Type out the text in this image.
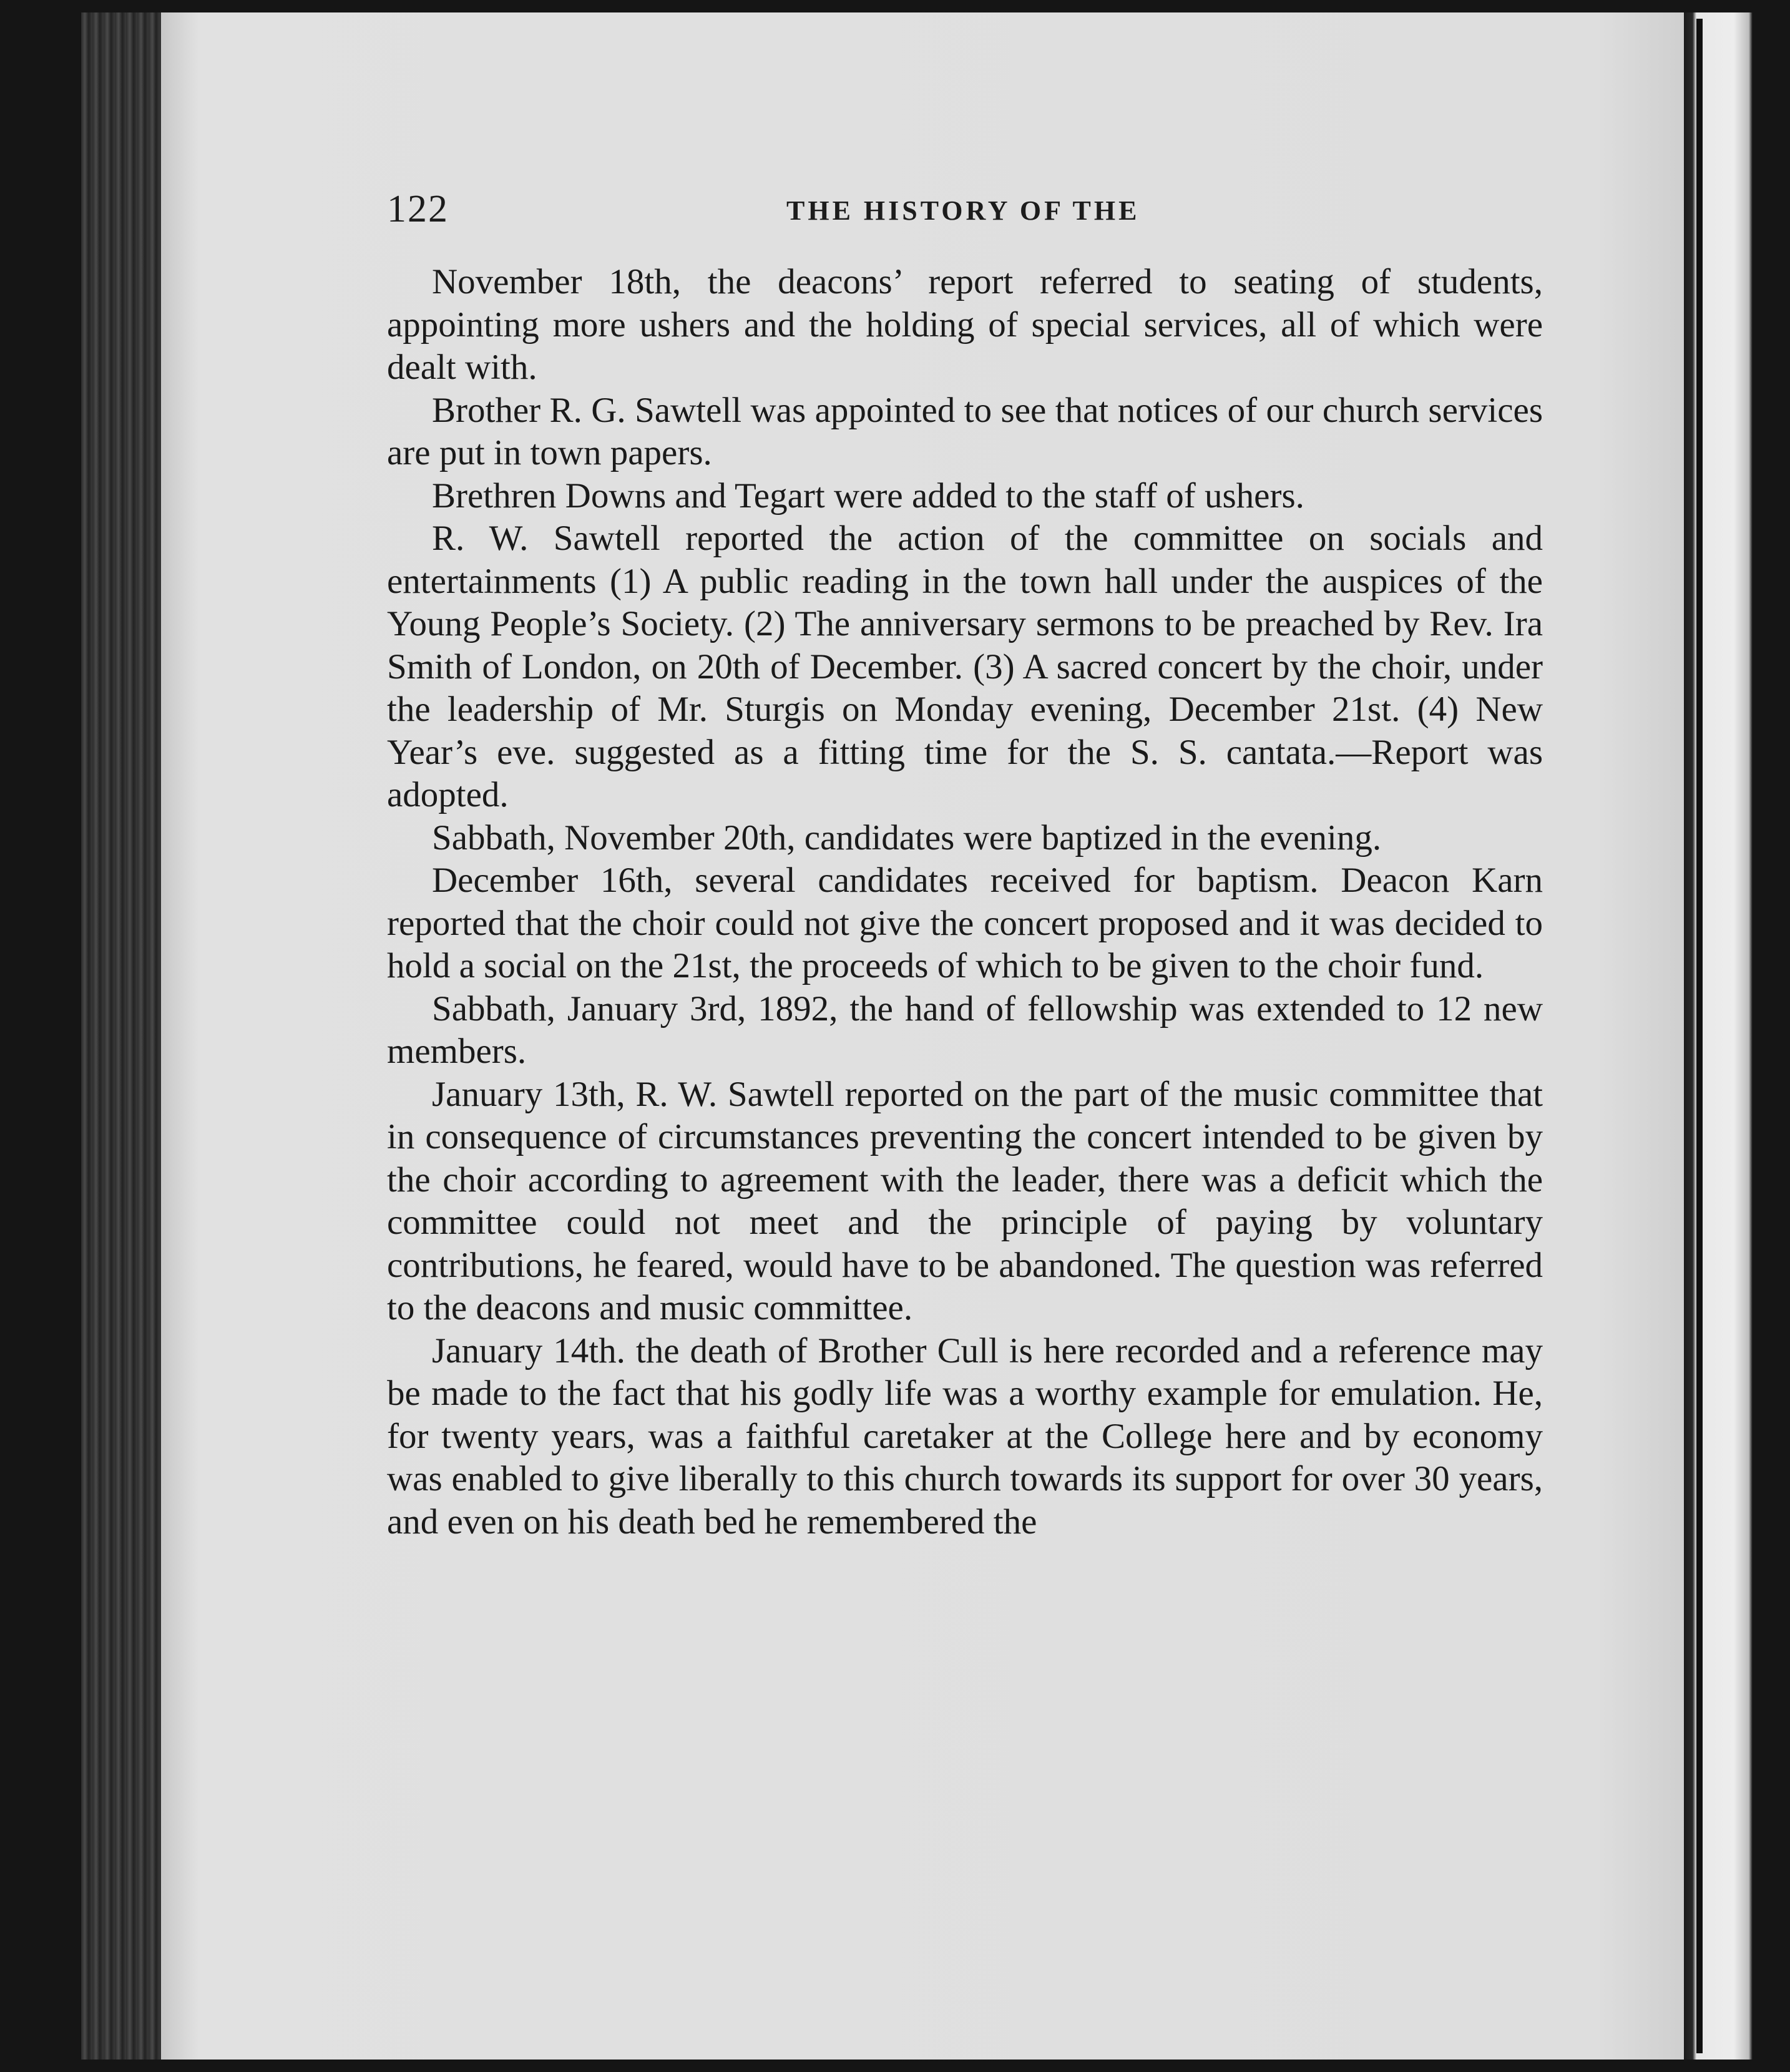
122	THE HISTORY OF THE

November 18th, the deacons’ report referred to seating of students, appointing more ushers and the holding of special services, all of which were dealt with.

Brother R. G. Sawtell was appointed to see that notices of our church services are put in town papers.

Brethren Downs and Tegart were added to the staff of ushers.

R. W. Sawtell reported the action of the committee on socials and entertainments (1) A public reading in the town hall under the auspices of the Young People’s Society. (2) The anniversary sermons to be preached by Rev. Ira Smith of London, on 20th of December. (3) A sacred concert by the choir, under the leadership of Mr. Sturgis on Monday evening, December 21st. (4) New Year’s eve. suggested as a fitting time for the S. S. cantata.—Report was adopted.

Sabbath, November 20th, candidates were baptized in the evening.

December 16th, several candidates received for baptism. Deacon Karn reported that the choir could not give the concert proposed and it was decided to hold a social on the 21st, the proceeds of which to be given to the choir fund.

Sabbath, January 3rd, 1892, the hand of fellowship was extended to 12 new members.

January 13th, R. W. Sawtell reported on the part of the music committee that in consequence of circumstances preventing the concert intended to be given by the choir according to agreement with the leader, there was a deficit which the committee could not meet and the principle of paying by voluntary contributions, he feared, would have to be abandoned. The question was referred to the deacons and music committee.

January 14th. the death of Brother Cull is here recorded and a reference may be made to the fact that his godly life was a worthy example for emulation. He, for twenty years, was a faithful caretaker at the College here and by economy was enabled to give liberally to this church towards its support for over 30 years, and even on his death bed he remembered the
